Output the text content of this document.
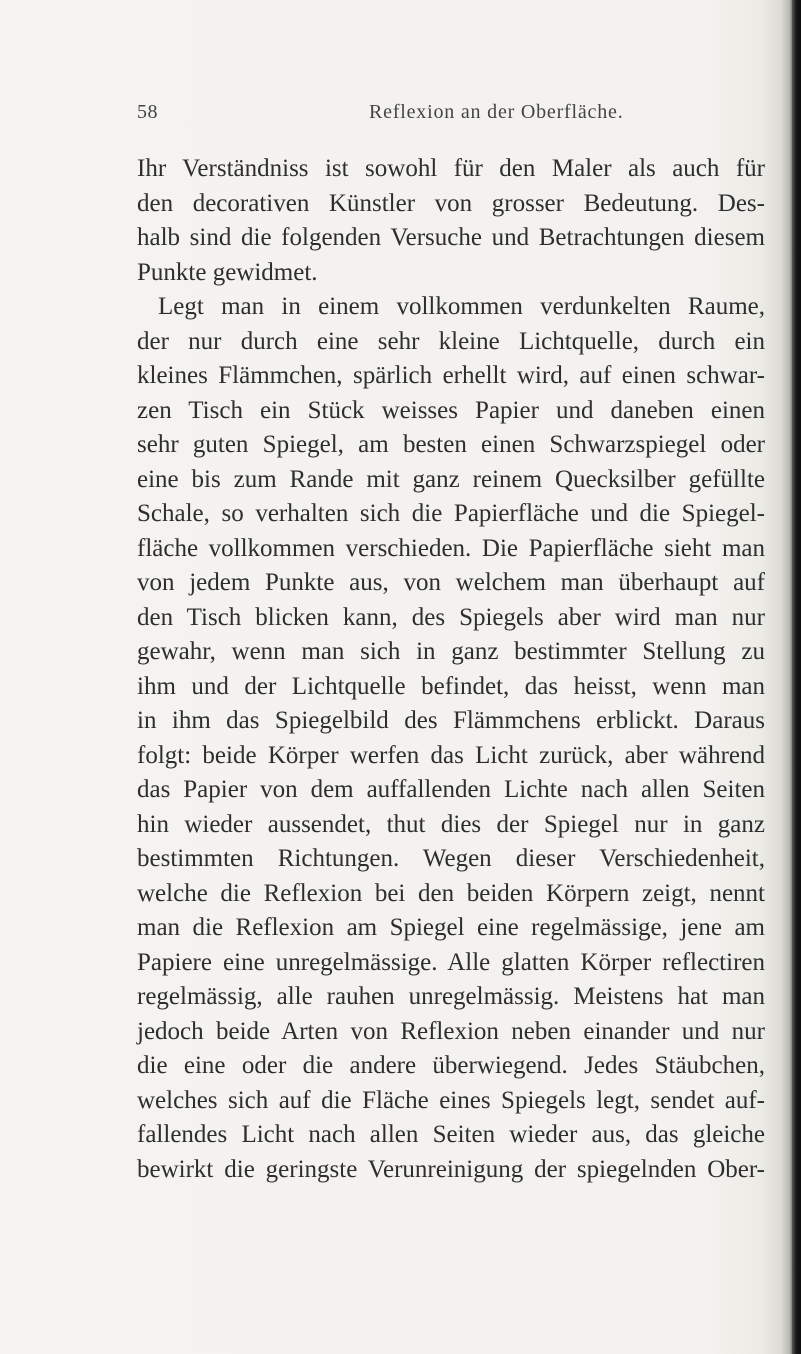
58	Reflexion an der Oberfläche.
Ihr Verständniss ist sowohl für den Maler als auch für
den decorativen Künstler von grosser Bedeutung. Des-
halb sind die folgenden Versuche und Betrachtungen diesem
Punkte gewidmet.
Legt man in einem vollkommen verdunkelten Raume,
der nur durch eine sehr kleine Lichtquelle, durch ein
kleines Flämmchen, spärlich erhellt wird, auf einen schwar-
zen Tisch ein Stück weisses Papier und daneben einen
sehr guten Spiegel, am besten einen Schwarzspiegel oder
eine bis zum Rande mit ganz reinem Quecksilber gefüllte
Schale, so verhalten sich die Papierfläche und die Spiegel-
fläche vollkommen verschieden. Die Papierfläche sieht man
von jedem Punkte aus, von welchem man überhaupt auf
den Tisch blicken kann, des Spiegels aber wird man nur
gewahr, wenn man sich in ganz bestimmter Stellung zu
ihm und der Lichtquelle befindet, das heisst, wenn man
in ihm das Spiegelbild des Flämmchens erblickt. Daraus
folgt: beide Körper werfen das Licht zurück, aber während
das Papier von dem auffallenden Lichte nach allen Seiten
hin wieder aussendet, thut dies der Spiegel nur in ganz
bestimmten Richtungen. Wegen dieser Verschiedenheit,
welche die Reflexion bei den beiden Körpern zeigt, nennt
man die Reflexion am Spiegel eine regelmässige, jene am
Papiere eine unregelmässige. Alle glatten Körper reflectiren
regelmässig, alle rauhen unregelmässig. Meistens hat man
jedoch beide Arten von Reflexion neben einander und nur
die eine oder die andere überwiegend. Jedes Stäubchen,
welches sich auf die Fläche eines Spiegels legt, sendet auf-
fallendes Licht nach allen Seiten wieder aus, das gleiche
bewirkt die geringste Verunreinigung der spiegelnden Ober-
